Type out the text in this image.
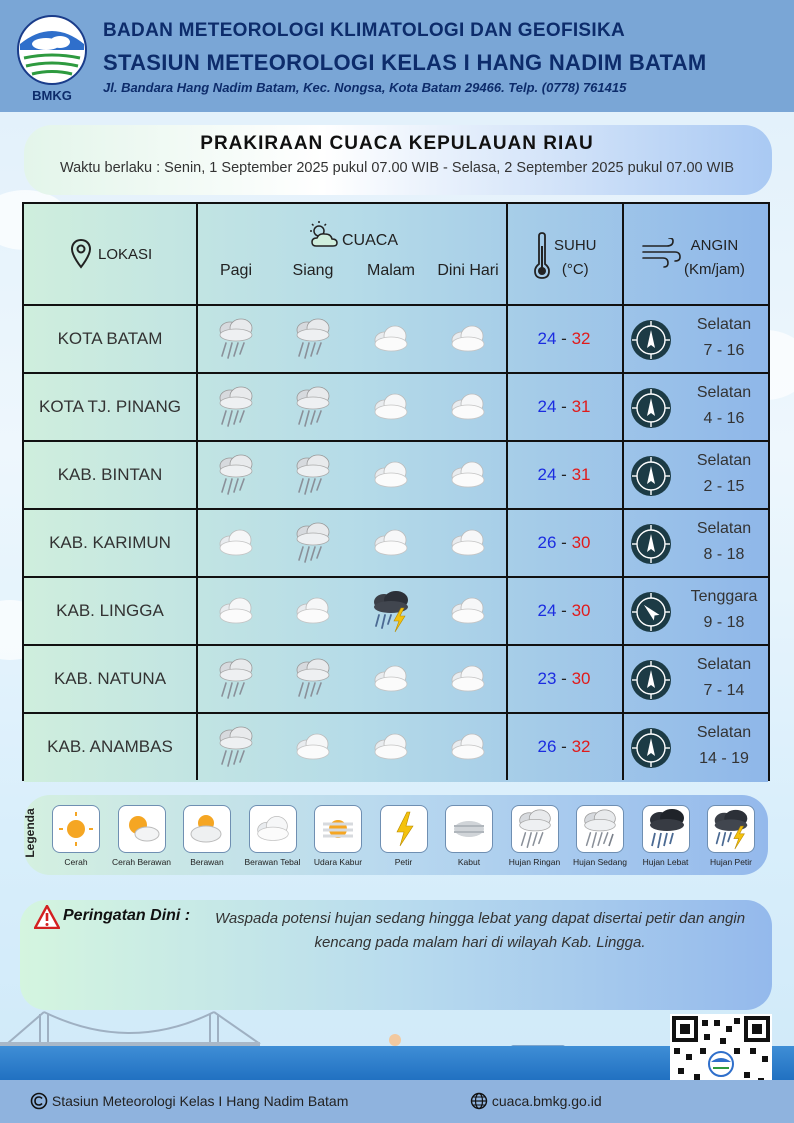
BMKG
BADAN METEOROLOGI KLIMATOLOGI DAN GEOFISIKA
STASIUN METEOROLOGI KELAS I HANG NADIM BATAM
Jl. Bandara Hang Nadim Batam, Kec. Nongsa, Kota Batam 29466. Telp. (0778) 761415
PRAKIRAAN CUACA KEPULAUAN RIAU
Waktu berlaku : Senin, 1 September 2025 pukul 07.00 WIB - Selasa, 2 September 2025 pukul 07.00 WIB
LOKASI
CUACA
Pagi	Siang	Malam	Dini Hari
SUHU
(°C)
ANGIN
(Km/jam)
KOTA BATAM	24 - 32
Selatan
7 - 16
KOTA TJ. PINANG	24 - 31
Selatan
4 - 16
KAB. BINTAN	24 - 31
Selatan
2 - 15
KAB. KARIMUN	26 - 30
Selatan
8 - 18
KAB. LINGGA	24 - 30
Tenggara
9 - 18
KAB. NATUNA	23 - 30
Selatan
7 - 14
KAB. ANAMBAS	26 - 32
Selatan
14 - 19
Legenda
Cerah	Cerah Berawan	Berawan	Berawan Tebal	Udara Kabur	Petir	Kabut	Hujan Ringan	Hujan Sedang	Hujan Lebat	Hujan Petir
Peringatan Dini :	Waspada potensi hujan sedang hingga lebat yang dapat disertai petir dan angin kencang pada malam hari di wilayah Kab. Lingga.
Stasiun Meteorologi Kelas I Hang Nadim Batam	cuaca.bmkg.go.id
